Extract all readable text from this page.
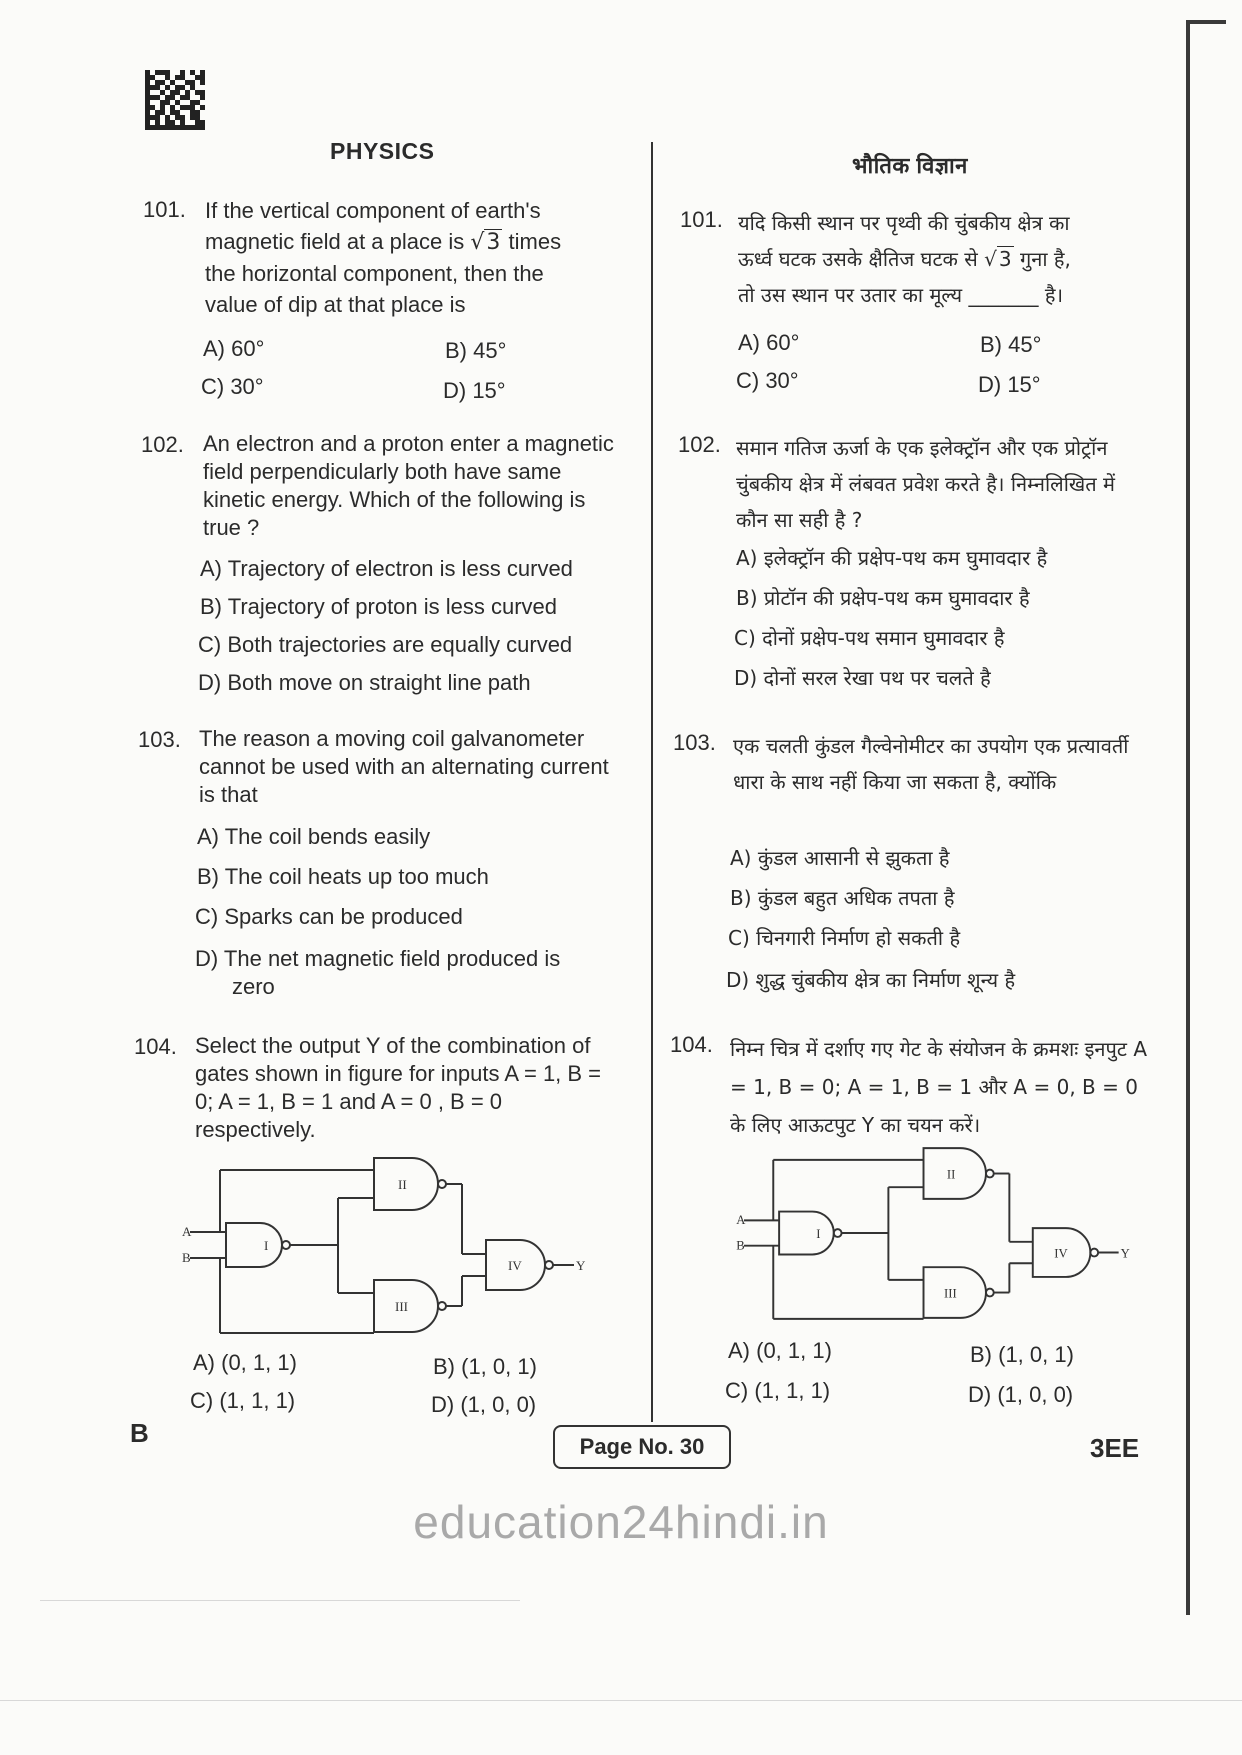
PHYSICS
101. If the vertical component of earth's
magnetic field at a place is √3 times
the horizontal component, then the
value of dip at that place is
A) 60°	B) 45°
C) 30°	D) 15°
102. An electron and a proton enter a magnetic field perpendicularly both have same kinetic energy. Which of the following is true ?
A) Trajectory of electron is less curved
B) Trajectory of proton is less curved
C) Both trajectories are equally curved
D) Both move on straight line path
103. The reason a moving coil galvanometer cannot be used with an alternating current is that
A) The coil bends easily
B) The coil heats up too much
C) Sparks can be produced
D) The net magnetic field produced is
zero
104. Select the output Y of the combination of gates shown in figure for inputs A = 1, B = 0; A = 1, B = 1 and A = 0 , B = 0 respectively.
A
B
I
II
III
IV	Y
A) (0, 1, 1)	B) (1, 0, 1)
C) (1, 1, 1)	D) (1, 0, 0)
भौतिक विज्ञान
101. यदि किसी स्थान पर पृथ्वी की चुंबकीय क्षेत्र का
ऊर्ध्व घटक उसके क्षैतिज घटक से √ 3 गुना है,
तो उस स्थान पर उतार का मूल्य _______ है।
A) 60°	B) 45°
C) 30°	D) 15°
102. समान गतिज ऊर्जा के एक इलेक्ट्रॉन और एक प्रोट्रॉन चुंबकीय क्षेत्र में लंबवत प्रवेश करते है। निम्नलिखित में कौन सा सही है ?
A) इलेक्ट्रॉन की प्रक्षेप-पथ कम घुमावदार है
B) प्रोटॉन की प्रक्षेप-पथ कम घुमावदार है
C) दोनों प्रक्षेप-पथ समान घुमावदार है
D) दोनों सरल रेखा पथ पर चलते है
103. एक चलती कुंडल गैल्वेनोमीटर का उपयोग एक प्रत्यावर्ती धारा के साथ नहीं किया जा सकता है, क्योंकि
A) कुंडल आसानी से झुकता है
B) कुंडल बहुत अधिक तपता है
C) चिनगारी निर्माण हो सकती है
D) शुद्ध चुंबकीय क्षेत्र का निर्माण शून्य है
104. निम्न चित्र में दर्शाए गए गेट के संयोजन के क्रमशः इनपुट A = 1, B = 0; A = 1, B = 1 और A = 0, B = 0 के लिए आऊटपुट Y का चयन करें।
A
B
I
II
III
IV	Y
A) (0, 1, 1)	B) (1, 0, 1)
C) (1, 1, 1)	D) (1, 0, 0)
B	Page No. 30	3EE
education24hindi.in
